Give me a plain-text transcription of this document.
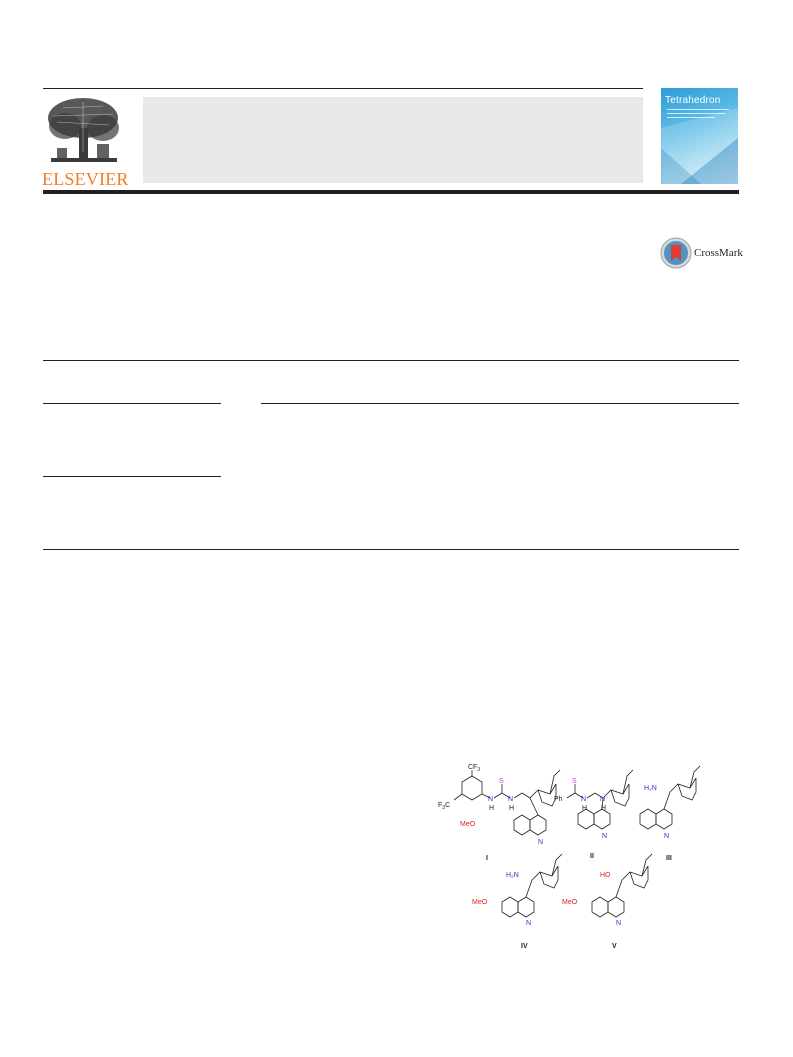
ELSEVIER
Tetrahedron
CrossMark
$CF_3$
$F_3C$
S
N
H
N
H
MeO
N
Ph
S
N
H
N
H
N
H₂N
N
H₂N
MeO
N
HO
MeO
N
I	II	III
IV	V
